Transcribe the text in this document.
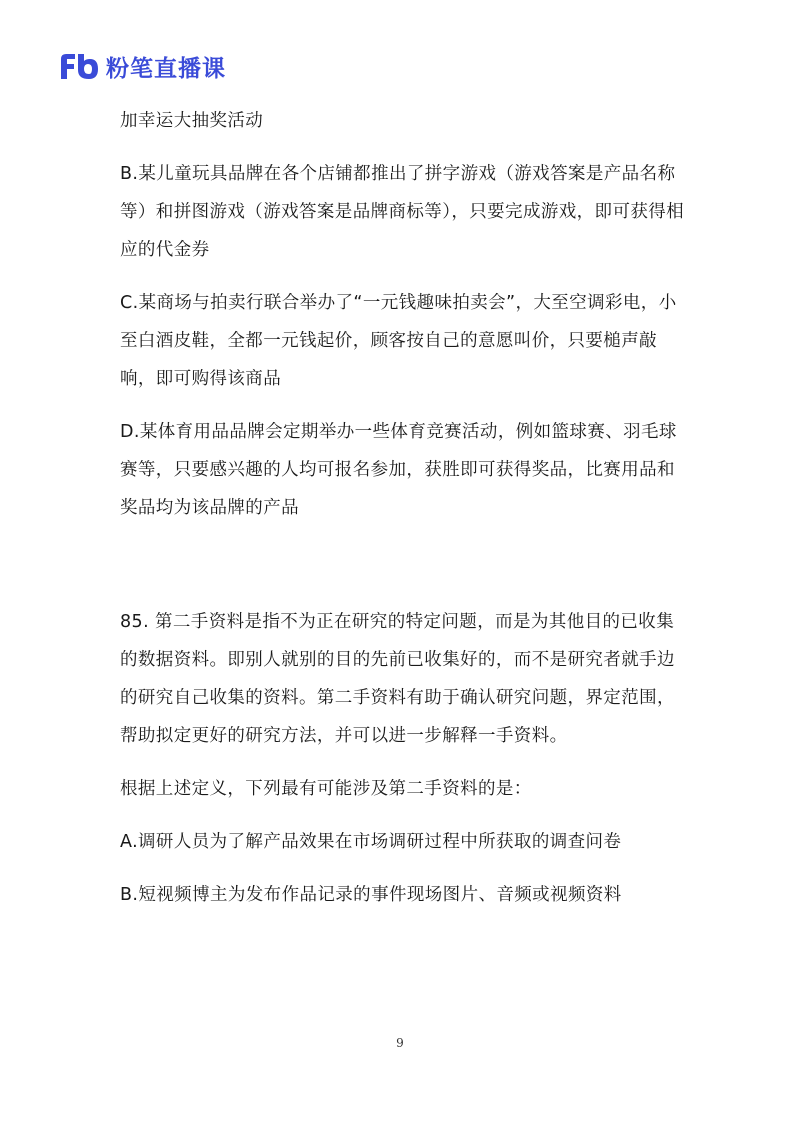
粉笔直播课

加幸运大抽奖活动

B.某儿童玩具品牌在各个店铺都推出了拼字游戏（游戏答案是产品名称等）和拼图游戏（游戏答案是品牌商标等），只要完成游戏，即可获得相应的代金券

C.某商场与拍卖行联合举办了“一元钱趣味拍卖会”，大至空调彩电，小至白酒皮鞋，全都一元钱起价，顾客按自己的意愿叫价，只要槌声敲响，即可购得该商品

D.某体育用品品牌会定期举办一些体育竞赛活动，例如篮球赛、羽毛球赛等，只要感兴趣的人均可报名参加，获胜即可获得奖品，比赛用品和奖品均为该品牌的产品

85. 第二手资料是指不为正在研究的特定问题，而是为其他目的已收集的数据资料。即别人就别的目的先前已收集好的，而不是研究者就手边的研究自己收集的资料。第二手资料有助于确认研究问题，界定范围，帮助拟定更好的研究方法，并可以进一步解释一手资料。

根据上述定义，下列最有可能涉及第二手资料的是：

A.调研人员为了解产品效果在市场调研过程中所获取的调查问卷

B.短视频博主为发布作品记录的事件现场图片、音频或视频资料

9
